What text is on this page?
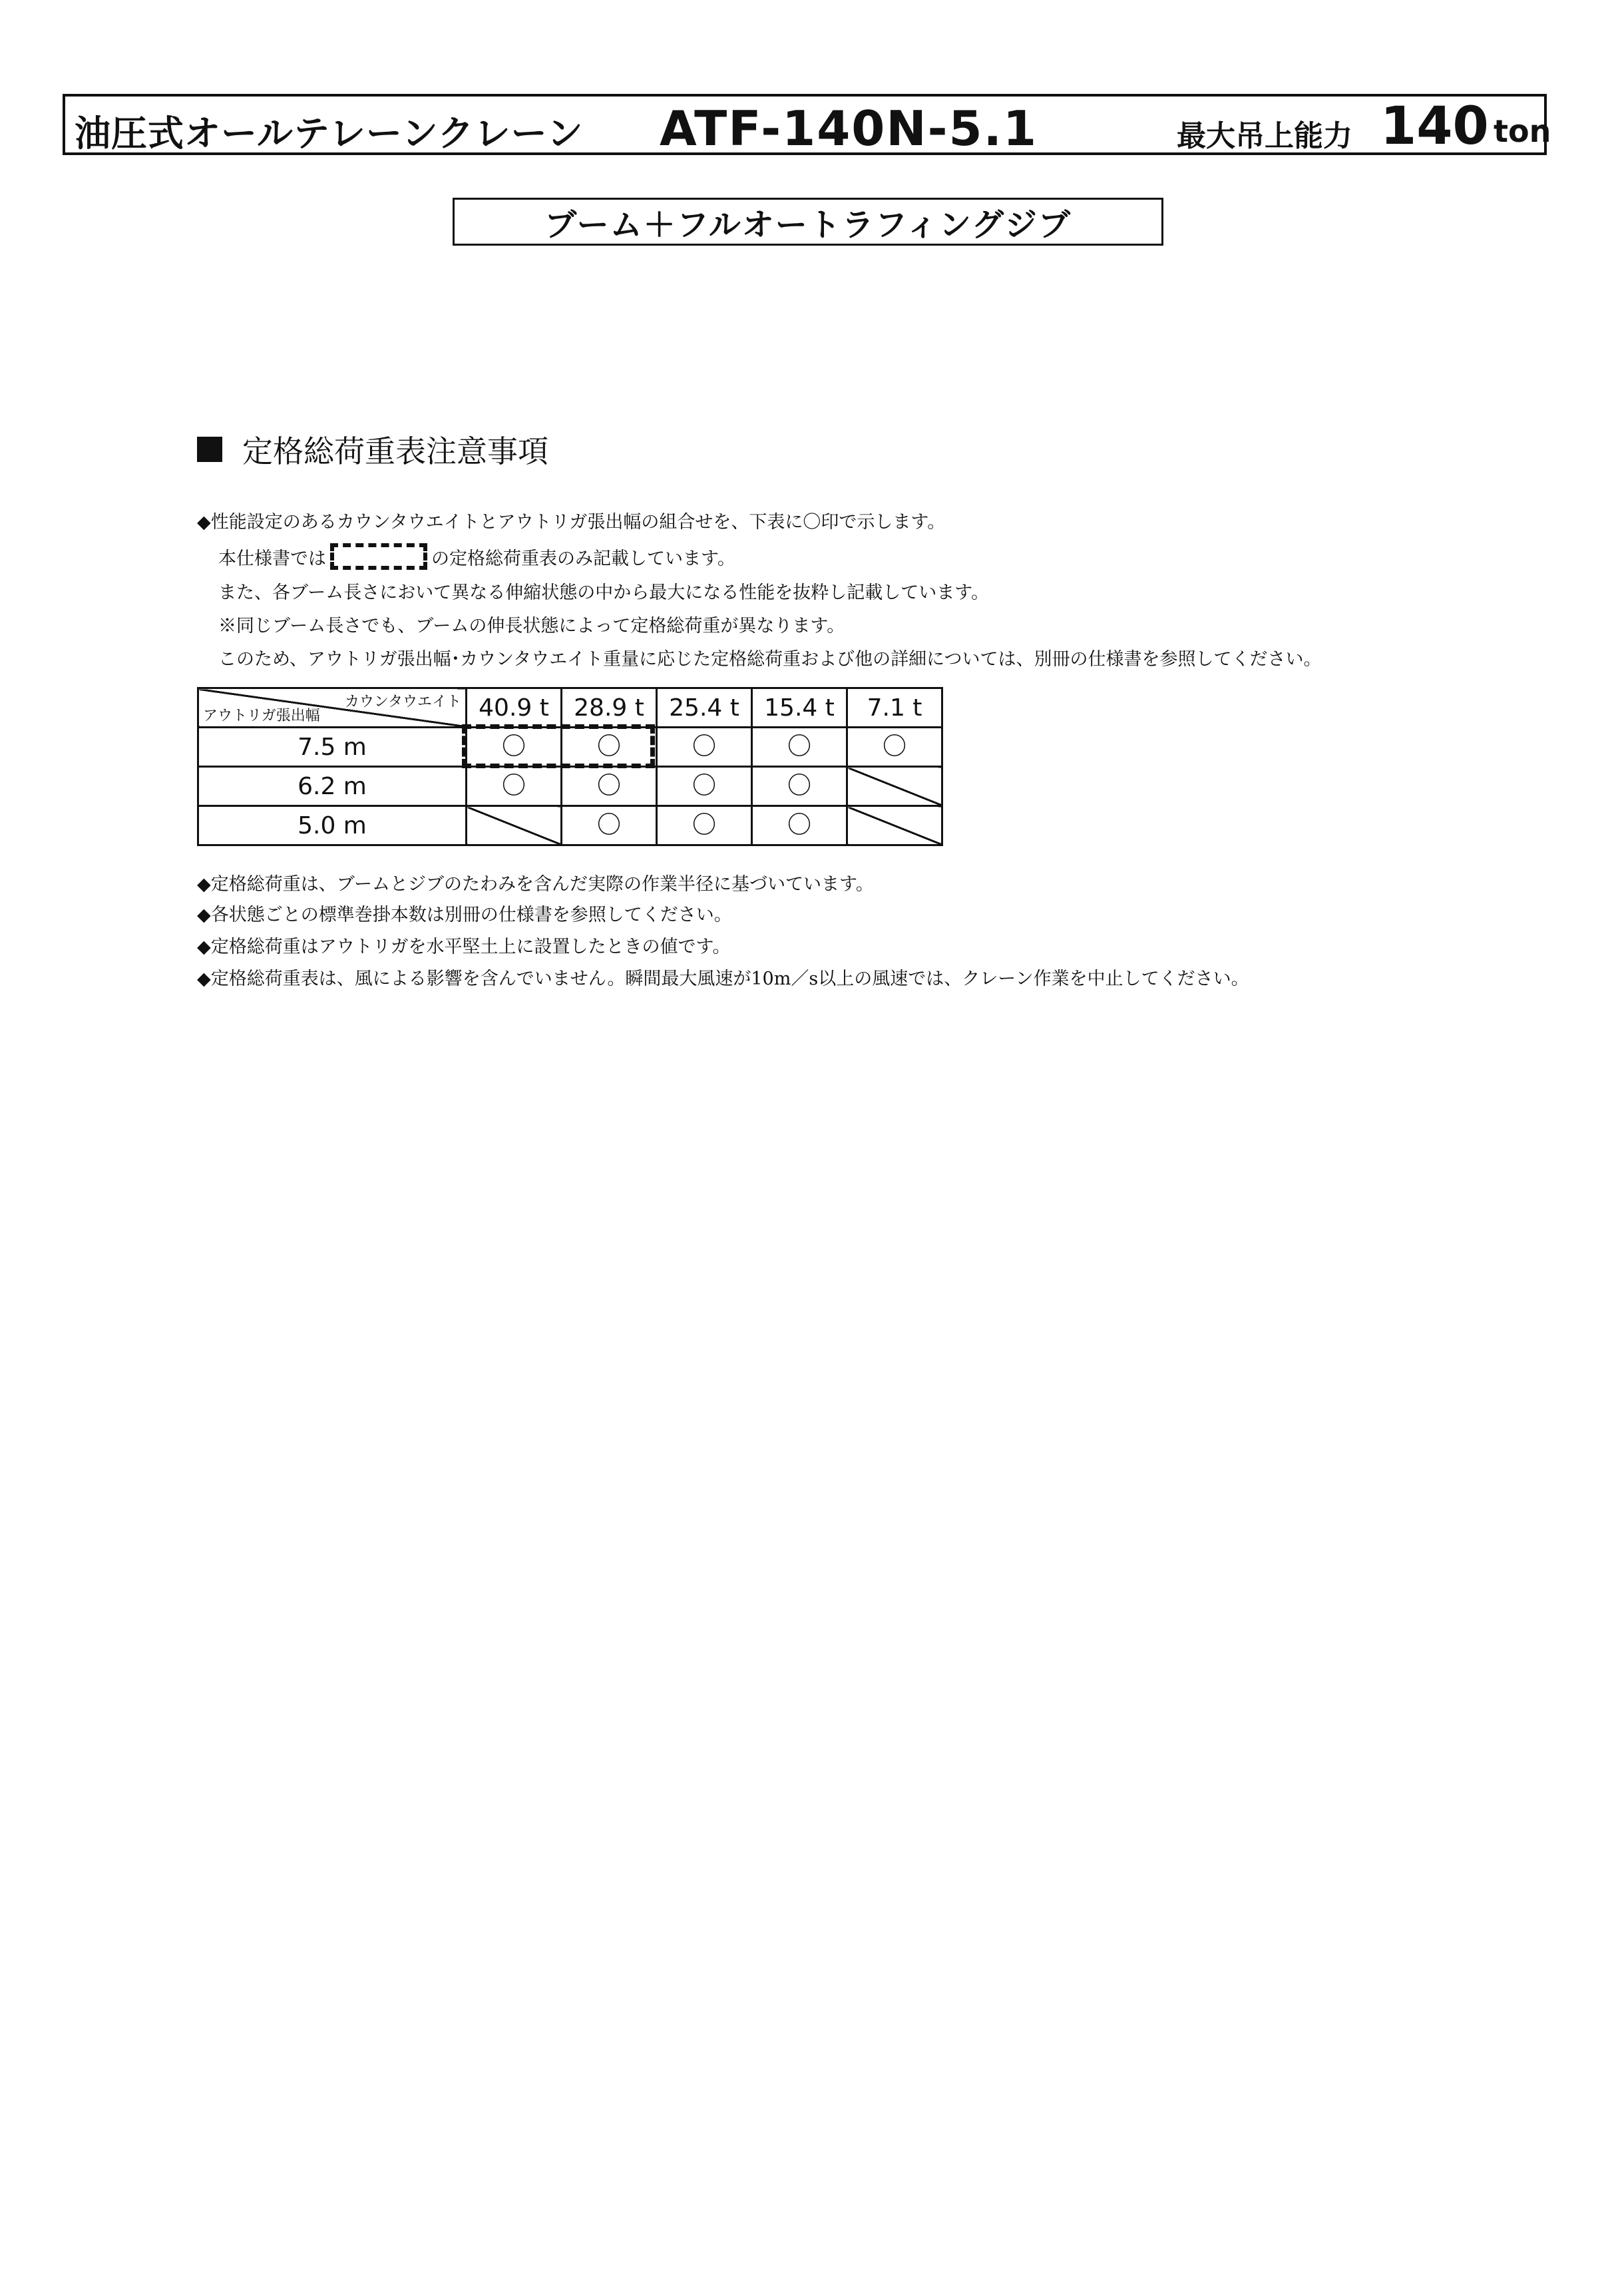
油圧式オールテレーンクレーン ATF-140N-5.1	最大吊上能力 140 ton
ブーム＋フルオートラフィングジブ
定格総荷重表注意事項
◆性能設定のあるカウンタウエイトとアウトリガ張出幅の組合せを、下表に〇印で示します。
本仕様書では	の定格総荷重表のみ記載しています。
また、各ブーム長さにおいて異なる伸縮状態の中から最大になる性能を抜粋し記載しています。
※同じブーム長さでも、ブームの伸長状態によって定格総荷重が異なります。
このため、アウトリガ張出幅･カウンタウエイト重量に応じた定格総荷重および他の詳細については、別冊の仕様書を参照してください。
カウンタウエイト
アウトリガ張出幅	40.9 t	28.9 t	25.4 t	15.4 t	7.1 t
7.5 m	〇	〇	〇	〇	〇
6.2 m	〇	〇	〇	〇	
5.0 m		〇	〇	〇	
◆定格総荷重は、ブームとジブのたわみを含んだ実際の作業半径に基づいています。
◆各状態ごとの標準巻掛本数は別冊の仕様書を参照してください。
◆定格総荷重はアウトリガを水平堅土上に設置したときの値です。
◆定格総荷重表は、風による影響を含んでいません。瞬間最大風速が10m／s以上の風速では、クレーン作業を中止してください。
